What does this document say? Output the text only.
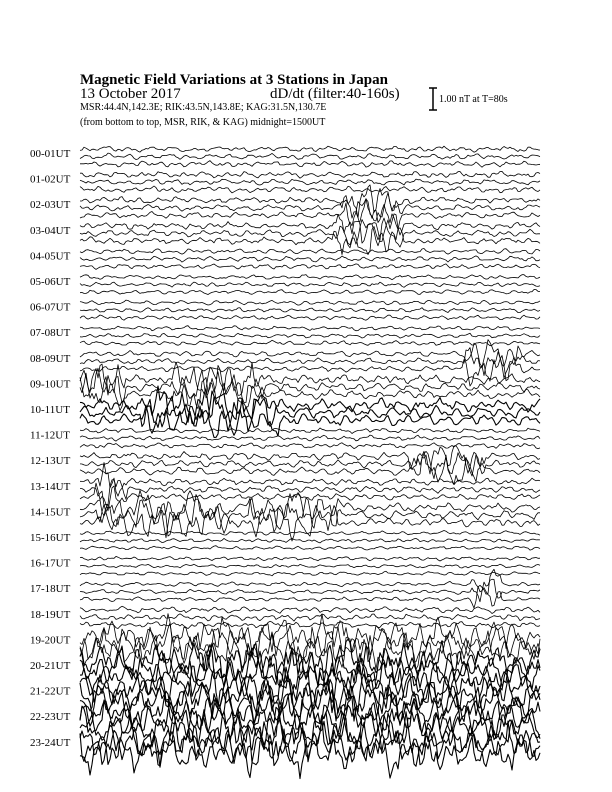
Magnetic Field Variations at 3 Stations in Japan
13 October 2017	dD/dt (filter:40-160s)
MSR:44.4N,142.3E; RIK:43.5N,143.8E; KAG:31.5N,130.7E
(from bottom to top, MSR, RIK, & KAG) midnight=1500UT
1.00 nT at T=80s
00-01UT
01-02UT
02-03UT
03-04UT
04-05UT
05-06UT
06-07UT
07-08UT
08-09UT
09-10UT
10-11UT
11-12UT
12-13UT
13-14UT
14-15UT
15-16UT
16-17UT
17-18UT
18-19UT
19-20UT
20-21UT
21-22UT
22-23UT
23-24UT
